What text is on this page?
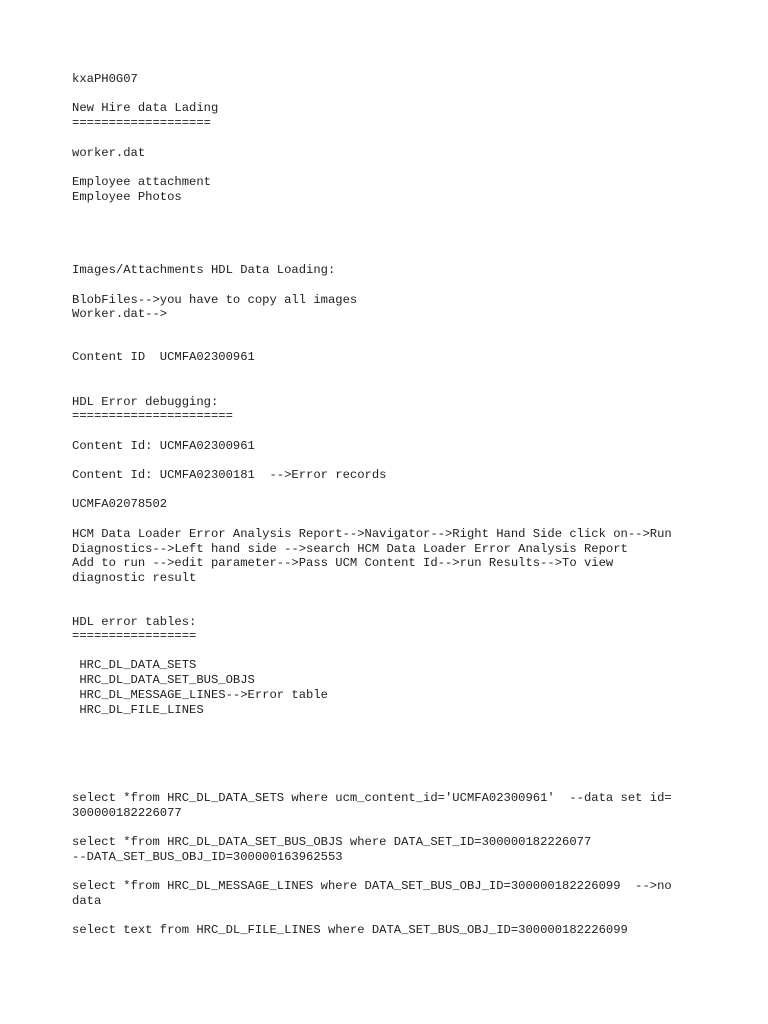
kxaPH0G07

New Hire data Lading

===================

worker.dat

Employee attachment

Employee Photos

Images/Attachments HDL Data Loading:

BlobFiles-->you have to copy all images

Worker.dat-->

Content ID  UCMFA02300961

HDL Error debugging:

======================

Content Id: UCMFA02300961

Content Id: UCMFA02300181  -->Error records

UCMFA02078502

HCM Data Loader Error Analysis Report-->Navigator-->Right Hand Side click on-->Run

Diagnostics-->Left hand side -->search HCM Data Loader Error Analysis Report

Add to run -->edit parameter-->Pass UCM Content Id-->run Results-->To view

diagnostic result

HDL error tables:

=================

HRC_DL_DATA_SETS

HRC_DL_DATA_SET_BUS_OBJS

HRC_DL_MESSAGE_LINES-->Error table

HRC_DL_FILE_LINES

select *from HRC_DL_DATA_SETS where ucm_content_id='UCMFA02300961'  --data set id=

300000182226077

select *from HRC_DL_DATA_SET_BUS_OBJS where DATA_SET_ID=300000182226077

--DATA_SET_BUS_OBJ_ID=300000163962553

select *from HRC_DL_MESSAGE_LINES where DATA_SET_BUS_OBJ_ID=300000182226099  -->no

data

select text from HRC_DL_FILE_LINES where DATA_SET_BUS_OBJ_ID=300000182226099
